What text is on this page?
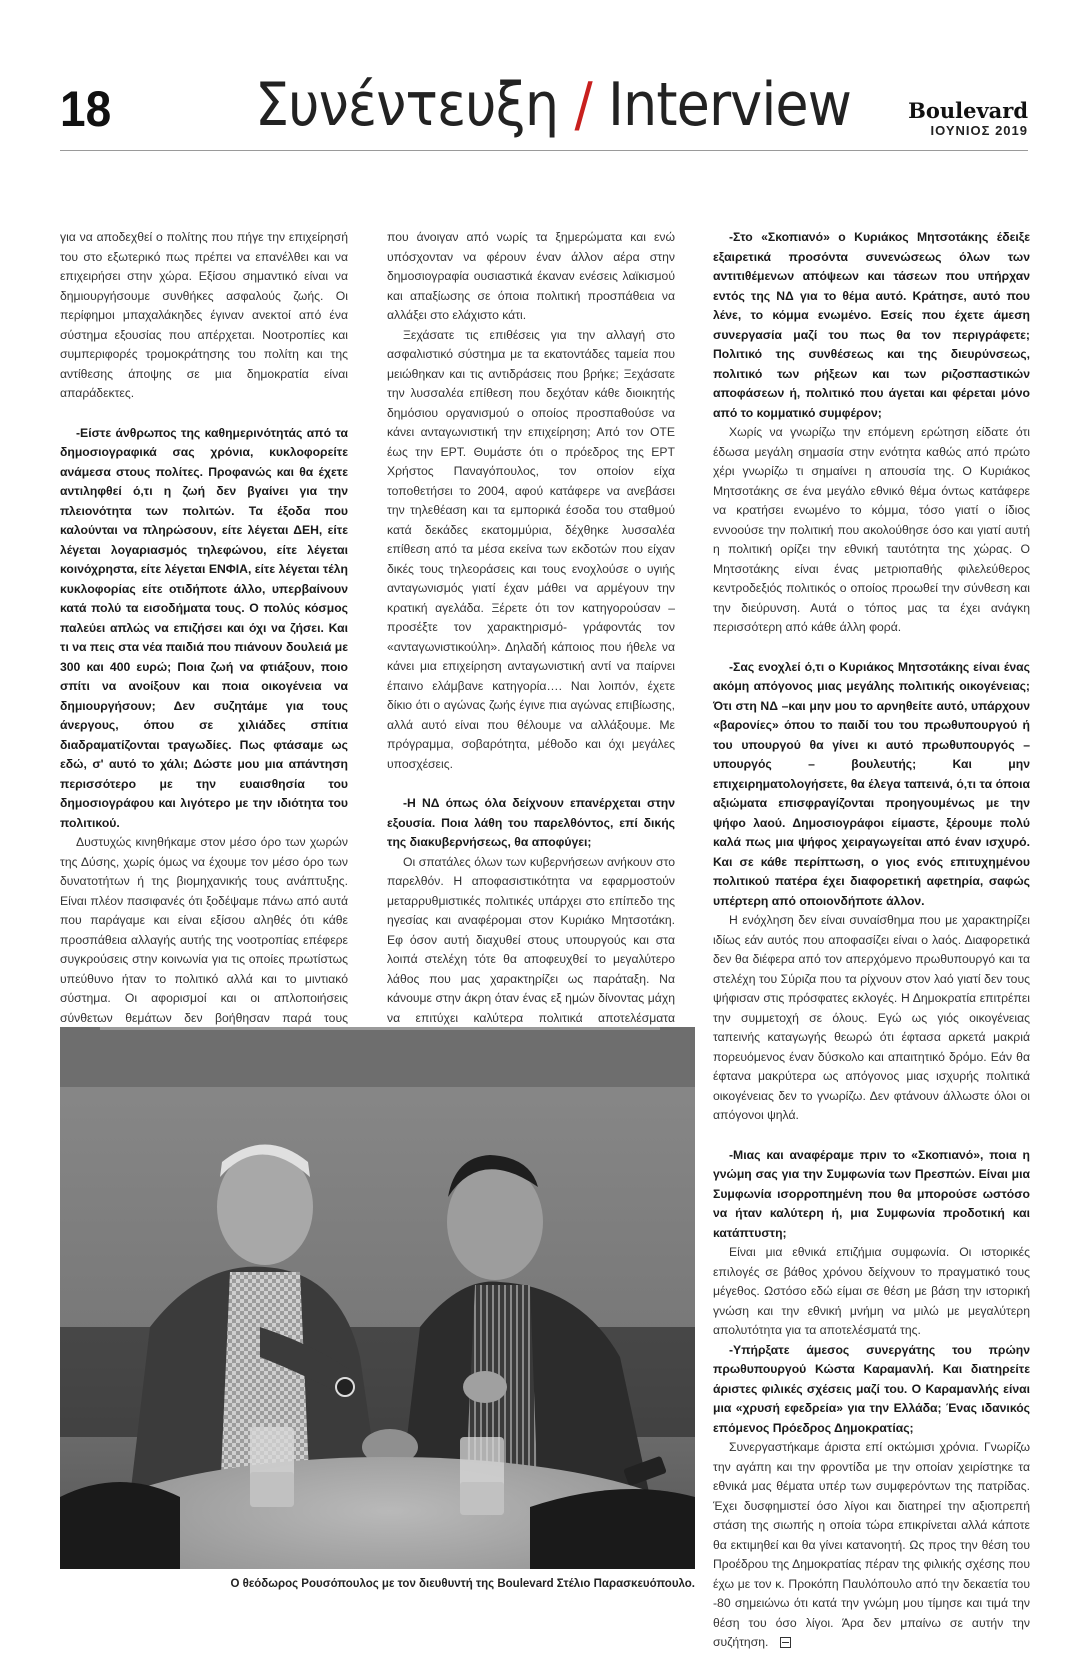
18 Συνέντευξη / Interview	Boulevard
ΙΟΥΝΙΟΣ 2019

για να αποδεχθεί ο πολίτης που πήγε την επιχείρησή του στο εξωτερικό πως πρέπει να επανέλθει και να επιχειρήσει στην χώρα. Εξίσου σημαντικό είναι να δημιουργήσουμε συνθήκες ασφαλούς ζωής. Οι περίφημοι μπαχαλάκηδες έγιναν ανεκτοί από ένα σύστημα εξουσίας που απέρχεται. Νοοτροπίες και συμπεριφορές τρομοκράτησης του πολίτη και της αντίθεσης άποψης σε μια δημοκρατία είναι απαράδεκτες.

-Είστε άνθρωπος της καθημερινότητάς από τα δημοσιογραφικά σας χρόνια, κυκλοφορείτε ανάμεσα στους πολίτες. Προφανώς και θα έχετε αντιληφθεί ό,τι η ζωή δεν βγαίνει για την πλειονότητα των πολιτών. Τα έξοδα που καλούνται να πληρώσουν, είτε λέγεται ΔΕΗ, είτε λέγεται λογαριασμός τηλεφώνου, είτε λέγεται κοινόχρηστα, είτε λέγεται ΕΝΦΙΑ, είτε λέγεται τέλη κυκλοφορίας είτε οτιδήποτε άλλο, υπερβαίνουν κατά πολύ τα εισοδήματα τους. Ο πολύς κόσμος παλεύει απλώς να επιζήσει και όχι να ζήσει. Και τι να πεις στα νέα παιδιά που πιάνουν δουλειά με 300 και 400 ευρώ; Ποια ζωή να φτιάξουν, ποιο σπίτι να ανοίξουν και ποια οικογένεια να δημιουργήσουν; Δεν συζητάμε για τους άνεργους, όπου σε χιλιάδες σπίτια διαδραματίζονται τραγωδίες. Πως φτάσαμε ως εδώ, σ' αυτό το χάλι; Δώστε μου μια απάντηση περισσότερο με την ευαισθησία του δημοσιογράφου και λιγότερο με την ιδιότητα του πολιτικού.

Δυστυχώς κινηθήκαμε στον μέσο όρο των χωρών της Δύσης, χωρίς όμως να έχουμε τον μέσο όρο των δυνατοτήτων ή της βιομηχανικής τους ανάπτυξης. Είναι πλέον πασιφανές ότι ξοδέψαμε πάνω από αυτά που παράγαμε και είναι εξίσου αληθές ότι κάθε προσπάθεια αλλαγής αυτής της νοοτροπίας επέφερε συγκρούσεις στην κοινωνία για τις οποίες πρωτίστως υπεύθυνο ήταν το πολιτικό αλλά και το μιντιακό σύστημα. Οι αφορισμοί και οι απλοποιήσεις σύνθετων θεμάτων δεν βοήθησαν παρά τους

που άνοιγαν από νωρίς τα ξημερώματα και ενώ υπόσχονταν να φέρουν έναν άλλον αέρα στην δημοσιογραφία ουσιαστικά έκαναν ενέσεις λαϊκισμού και απαξίωσης σε όποια πολιτική προσπάθεια να αλλάξει στο ελάχιστο κάτι.

Ξεχάσατε τις επιθέσεις για την αλλαγή στο ασφαλιστικό σύστημα με τα εκατοντάδες ταμεία που μειώθηκαν και τις αντιδράσεις που βρήκε; Ξεχάσατε την λυσσαλέα επίθεση που δεχόταν κάθε διοικητής δημόσιου οργανισμού ο οποίος προσπαθούσε να κάνει ανταγωνιστική την επιχείρηση; Από τον ΟΤΕ έως την ΕΡΤ. Θυμάστε ότι ο πρόεδρος της ΕΡΤ Χρήστος Παναγόπουλος, τον οποίον είχα τοποθετήσει το 2004, αφού κατάφερε να ανεβάσει την τηλεθέαση και τα εμπορικά έσοδα του σταθμού κατά δεκάδες εκατομμύρια, δέχθηκε λυσσαλέα επίθεση από τα μέσα εκείνα των εκδοτών που είχαν δικές τους τηλεοράσεις και τους ενοχλούσε ο υγιής ανταγωνισμός γιατί έχαν μάθει να αρμέγουν την κρατική αγελάδα. Ξέρετε ότι τον κατηγορούσαν –προσέξτε τον χαρακτηρισμό- γράφοντάς τον «ανταγωνιστικούλη». Δηλαδή κάποιος που ήθελε να κάνει μια επιχείρηση ανταγωνιστική αντί να παίρνει έπαινο ελάμβανε κατηγορία…. Ναι λοιπόν, έχετε δίκιο ότι ο αγώνας ζωής έγινε πια αγώνας επιβίωσης, αλλά αυτό είναι που θέλουμε να αλλάξουμε. Με πρόγραμμα, σοβαρότητα, μέθοδο και όχι μεγάλες υποσχέσεις.

-Η ΝΔ όπως όλα δείχνουν επανέρχεται στην εξουσία. Ποια λάθη του παρελθόντος, επί δικής της διακυβερνήσεως, θα αποφύγει;

Οι σπατάλες όλων των κυβερνήσεων ανήκουν στο παρελθόν. Η αποφασιστικότητα να εφαρμοστούν μεταρρυθμιστικές πολιτικές υπάρχει στο επίπεδο της ηγεσίας και αναφέρομαι στον Κυριάκο Μητσοτάκη. Εφ όσον αυτή διαχυθεί στους υπουργούς και στα λοιπά στελέχη τότε θα αποφευχθεί το μεγαλύτερο λάθος που μας χαρακτηρίζει ως παράταξη. Να κάνουμε στην άκρη όταν ένας εξ ημών δίνοντας μάχη να επιτύχει καλύτερα πολιτικά αποτελέσματα

-Στο «Σκοπιανό» ο Κυριάκος Μητσοτάκης έδειξε εξαιρετικά προσόντα συνενώσεως όλων των αντιτιθέμενων απόψεων και τάσεων που υπήρχαν εντός της ΝΔ για το θέμα αυτό. Κράτησε, αυτό που λένε, το κόμμα ενωμένο. Εσείς που έχετε άμεση συνεργασία μαζί του πως θα τον περιγράφετε; Πολιτικό της συνθέσεως και της διευρύνσεως, πολιτικό των ρήξεων και των ριζοσπαστικών αποφάσεων ή, πολιτικό που άγεται και φέρεται μόνο από το κομματικό συμφέρον;

Χωρίς να γνωρίζω την επόμενη ερώτηση είδατε ότι έδωσα μεγάλη σημασία στην ενότητα καθώς από πρώτο χέρι γνωρίζω τι σημαίνει η απουσία της. Ο Κυριάκος Μητσοτάκης σε ένα μεγάλο εθνικό θέμα όντως κατάφερε να κρατήσει ενωμένο το κόμμα, τόσο γιατί ο ίδιος εννοούσε την πολιτική που ακολούθησε όσο και γιατί αυτή η πολιτική ορίζει την εθνική ταυτότητα της χώρας. Ο Μητσοτάκης είναι ένας μετριοπαθής φιλελεύθερος κεντροδεξιός πολιτικός ο οποίος προωθεί την σύνθεση και την διεύρυνση. Αυτά ο τόπος μας τα έχει ανάγκη περισσότερη από κάθε άλλη φορά.

-Σας ενοχλεί ό,τι ο Κυριάκος Μητσοτάκης είναι ένας ακόμη απόγονος μιας μεγάλης πολιτικής οικογένειας; Ότι στη ΝΔ –και μην μου το αρνηθείτε αυτό, υπάρχουν «βαρονίες» όπου το παιδί του του πρωθυπουργού ή του υπουργού θα γίνει κι αυτό πρωθυπουργός – υπουργός – βουλευτής; Και μην επιχειρηματολογήσετε, θα έλεγα ταπεινά, ό,τι τα όποια αξιώματα επισφραγίζονται προηγουμένως με την ψήφο λαού. Δημοσιογράφοι είμαστε, ξέρουμε πολύ καλά πως μια ψήφος χειραγωγείται από έναν ισχυρό. Και σε κάθε περίπτωση, ο γιος ενός επιτυχημένου πολιτικού πατέρα έχει διαφορετική αφετηρία, σαφώς υπέρτερη από οποιονδήποτε άλλον.

Η ενόχληση δεν είναι συναίσθημα που με χαρακτηρίζει ιδίως εάν αυτός που αποφασίζει είναι ο λαός. Διαφορετικά δεν θα διέφερα από τον απερχόμενο πρωθυπουργό και τα στελέχη του Σύριζα που τα ρίχνουν στον λαό γιατί δεν τους ψήφισαν στις πρόσφατες εκλογές. Η Δημοκρατία επιτρέπει την συμμετοχή σε όλους. Εγώ ως γιός οικογένειας ταπεινής καταγωγής θεωρώ ότι έφτασα αρκετά μακριά πορευόμενος έναν δύσκολο και απαιτητικό δρόμο. Εάν θα έφτανα μακρύτερα ως απόγονος μιας ισχυρής πολιτικά οικογένειας δεν το γνωρίζω. Δεν φτάνουν άλλωστε όλοι οι απόγονοι ψηλά.

-Μιας και αναφέραμε πριν το «Σκοπιανό», ποια η γνώμη σας για την Συμφωνία των Πρεσπών. Είναι μια Συμφωνία ισορροπημένη που θα μπορούσε ωστόσο να ήταν καλύτερη ή, μια Συμφωνία προδοτική και κατάπτυστη;

Είναι μια εθνικά επιζήμια συμφωνία. Οι ιστορικές επιλογές σε βάθος χρόνου δείχνουν το πραγματικό τους μέγεθος. Ωστόσο εδώ είμαι σε θέση με βάση την ιστορική γνώση και την εθνική μνήμη να μιλώ με μεγαλύτερη απολυτότητα για τα αποτελέσματά της.

-Υπήρξατε άμεσος συνεργάτης του πρώην πρωθυπουργού Κώστα Καραμανλή. Και διατηρείτε άριστες φιλικές σχέσεις μαζί του. Ο Καραμανλής είναι μια «χρυσή εφεδρεία» για την Ελλάδα; Ένας ιδανικός επόμενος Πρόεδρος Δημοκρατίας;

Συνεργαστήκαμε άριστα επί οκτώμισι χρόνια. Γνωρίζω την αγάπη και την φροντίδα με την οποίαν χειρίστηκε τα εθνικά μας θέματα υπέρ των συμφερόντων της πατρίδας. Έχει δυσφημιστεί όσο λίγοι και διατηρεί την αξιοπρεπή στάση της σιωπής η οποία τώρα επικρίνεται αλλά κάποτε θα εκτιμηθεί και θα γίνει κατανοητή. Ως προς την θέση του Προέδρου της Δημοκρατίας πέραν της φιλικής σχέσης που έχω με τον κ. Προκόπη Παυλόπουλο από την δεκαετία του -80 σημειώνω ότι κατά την γνώμη μου τίμησε και τιμά την θέση του όσο λίγοι. Άρα δεν μπαίνω σε αυτήν την συζήτηση.

Ο θεόδωρος Ρουσόπουλος με τον διευθυντή της Boulevard Στέλιο Παρασκευόπουλο.
